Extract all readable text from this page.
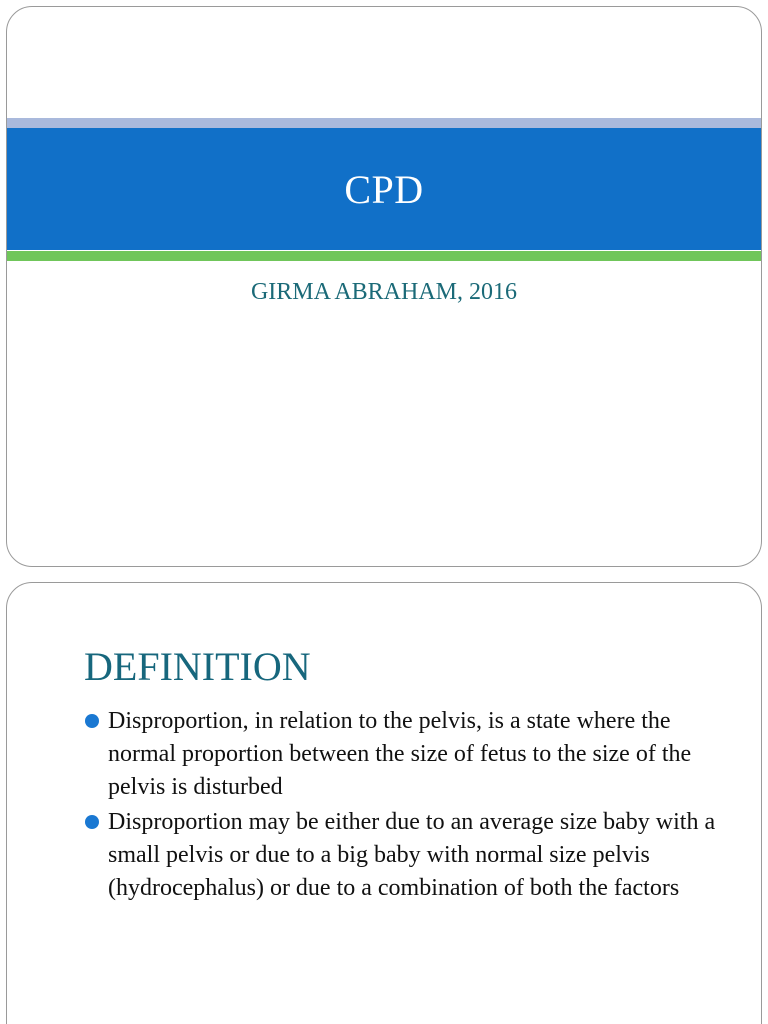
CPD
GIRMA ABRAHAM, 2016
DEFINITION
Disproportion, in relation to the pelvis, is a state where the normal proportion between the size of fetus to the size of the pelvis is disturbed
Disproportion may be either due to an average size baby with a small pelvis or due to a big baby with normal size pelvis (hydrocephalus) or due to a combination of both the factors
